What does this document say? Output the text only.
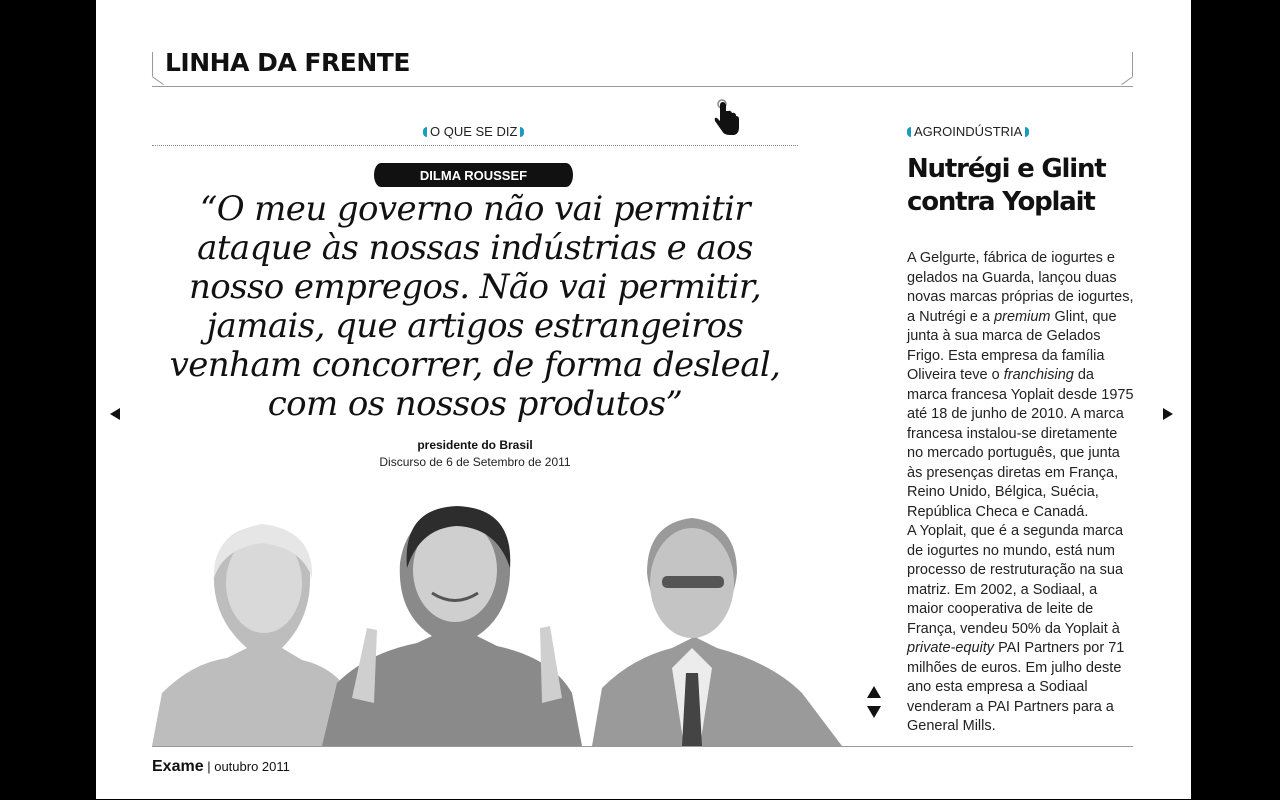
LINHA DA FRENTE
O QUE SE DIZ
DILMA ROUSSEF
“O meu governo não vai permitir ataque às nossas indústrias e aos nosso empregos. Não vai permitir, jamais, que artigos estrangeiros venham concorrer, de forma desleal, com os nossos produtos”
presidente do Brasil
Discurso de 6 de Setembro de 2011
AGROINDÚSTRIA
Nutrégi e Glint contra Yoplait

A Gelgurte, fábrica de iogurtes e gelados na Guarda, lançou duas novas marcas próprias de iogurtes, a Nutrégi e a premium Glint, que junta à sua marca de Gelados Frigo. Esta empresa da família Oliveira teve o franchising da marca francesa Yoplait desde 1975 até 18 de junho de 2010. A marca francesa instalou-se diretamente no mercado português, que junta às presenças diretas em França, Reino Unido, Bélgica, Suécia, República Checa e Canadá.

A Yoplait, que é a segunda marca de iogurtes no mundo, está num processo de restruturação na sua matriz. Em 2002, a Sodiaal, a maior cooperativa de leite de França, vendeu 50% da Yoplait à private-equity PAI Partners por 71 milhões de euros. Em julho deste ano esta empresa a Sodiaal venderam a PAI Partners para a General Mills.

Exame | outubro 2011
